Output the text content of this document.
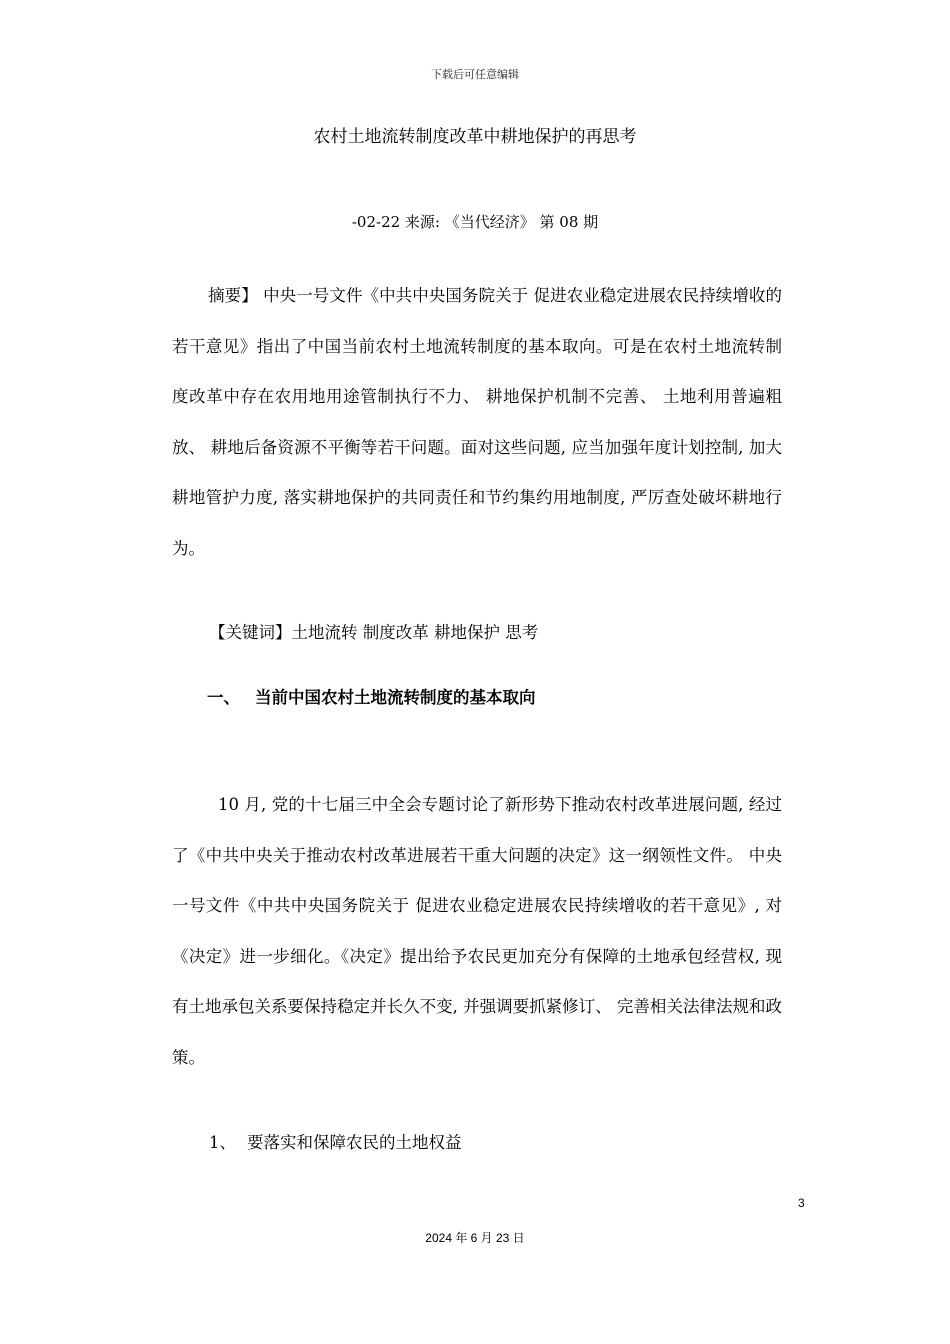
下载后可任意编辑
农村土地流转制度改革中耕地保护的再思考
-02-22 来源: 《当代经济》 第 08 期

摘要】 中央一号文件《中共中央国务院关于 促进农业稳定进展农民持续增收的若干意见》指出了中国当前农村土地流转制度的基本取向。可是在农村土地流转制度改革中存在农用地用途管制执行不力、 耕地保护机制不完善、 土地利用普遍粗放、 耕地后备资源不平衡等若干问题。面对这些问题, 应当加强年度计划控制, 加大耕地管护力度, 落实耕地保护的共同责任和节约集约用地制度, 严厉查处破坏耕地行为。

【关键词】土地流转 制度改革 耕地保护 思考
一、 当前中国农村土地流转制度的基本取向

10 月, 党的十七届三中全会专题讨论了新形势下推动农村改革进展问题, 经过了《中共中央关于推动农村改革进展若干重大问题的决定》这一纲领性文件。 中央一号文件《中共中央国务院关于 促进农业稳定进展农民持续增收的若干意见》, 对《决定》进一步细化。《决定》提出给予农民更加充分有保障的土地承包经营权, 现有土地承包关系要保持稳定并长久不变, 并强调要抓紧修订、 完善相关法律法规和政策。

1、 要落实和保障农民的土地权益
3
2024 年 6 月 23 日
